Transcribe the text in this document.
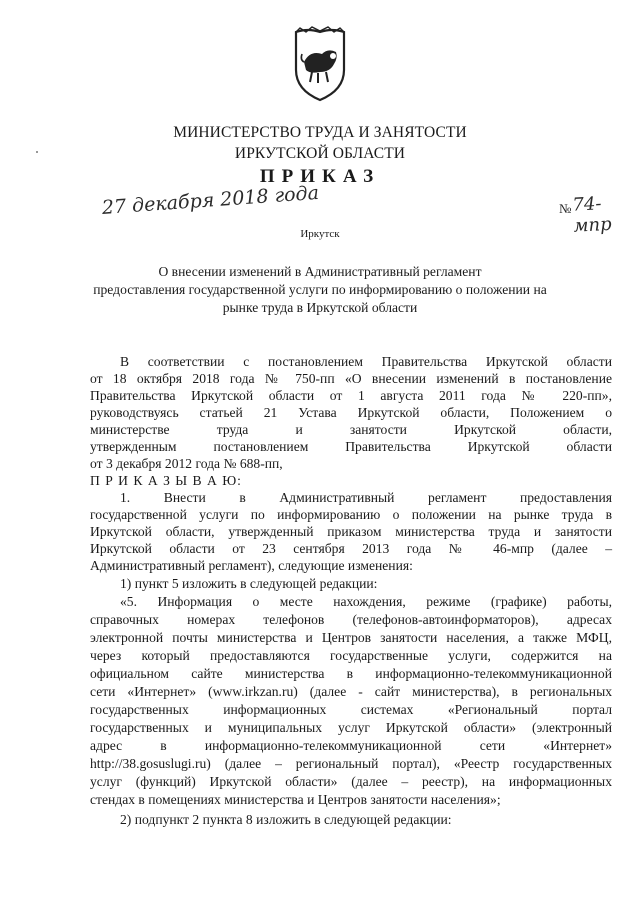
МИНИСТЕРСТВО ТРУДА И ЗАНЯТОСТИ
ИРКУТСКОЙ ОБЛАСТИ
ПРИКАЗ
27 декабря 2018 года	№ 74-мпр
Иркутск
О внесении изменений в Административный регламент
предоставления государственной услуги по информированию о положении на
рынке труда в Иркутской области
В соответствии с постановлением Правительства Иркутской области
от 18 октября 2018 года № 750-пп «О внесении изменений в постановление
Правительства Иркутской области от 1 августа 2011 года № 220-пп»,
руководствуясь статьей 21 Устава Иркутской области, Положением о
министерстве труда и занятости Иркутской области,
утвержденным постановлением Правительства Иркутской области
от 3 декабря 2012 года № 688-пп,
П Р И К А З Ы В А Ю:
1. Внести в Административный регламент предоставления
государственной услуги по информированию о положении на рынке труда в
Иркутской области, утвержденный приказом министерства труда и занятости
Иркутской области от 23 сентября 2013 года № 46-мпр (далее –
Административный регламент), следующие изменения:
1) пункт 5 изложить в следующей редакции:
«5. Информация о месте нахождения, режиме (графике) работы,
справочных номерах телефонов (телефонов-автоинформаторов), адресах
электронной почты министерства и Центров занятости населения, а также МФЦ,
через который предоставляются государственные услуги, содержится на
официальном сайте министерства в информационно-телекоммуникационной
сети «Интернет» (www.irkzan.ru) (далее - сайт министерства), в региональных
государственных информационных системах «Региональный портал
государственных и муниципальных услуг Иркутской области» (электронный
адрес в информационно-телекоммуникационной сети «Интернет»
http://38.gosuslugi.ru) (далее – региональный портал), «Реестр государственных
услуг (функций) Иркутской области» (далее – реестр), на информационных
стендах в помещениях министерства и Центров занятости населения»;
2) подпункт 2 пункта 8 изложить в следующей редакции:
